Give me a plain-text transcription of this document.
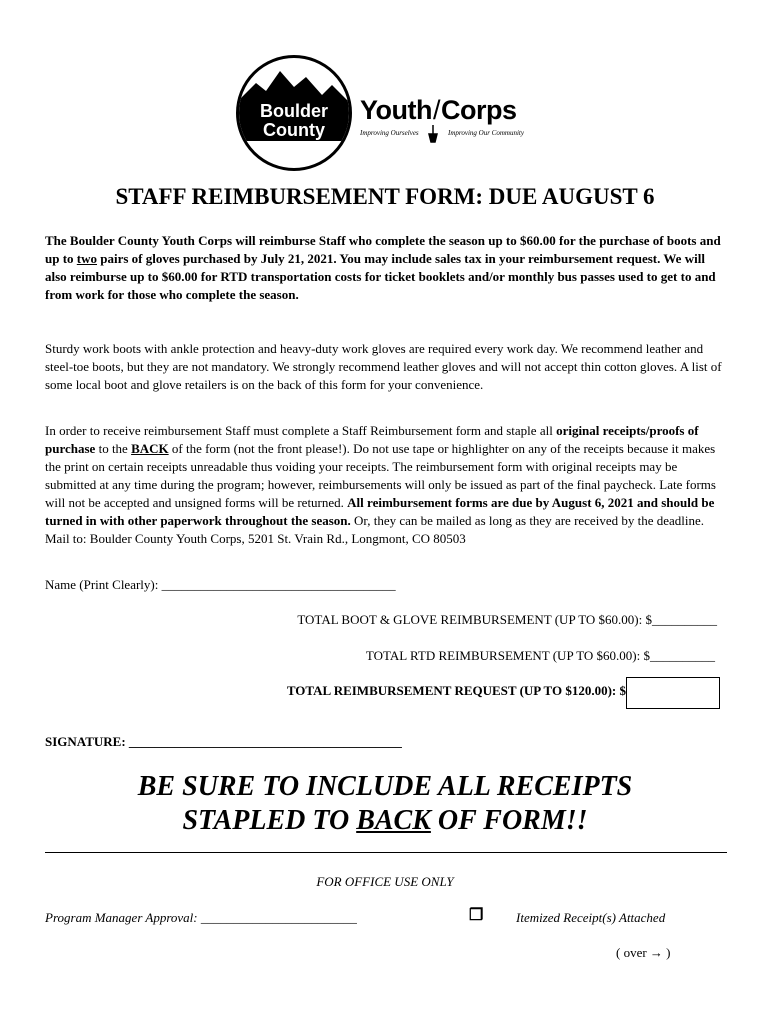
Boulder
County
Youth/Corps
Improving Ourselves	Improving Our Community
STAFF REIMBURSEMENT FORM: DUE AUGUST 6
The Boulder County Youth Corps will reimburse Staff who complete the season up to $60.00 for the purchase of boots and up to two pairs of gloves purchased by July 21, 2021. You may include sales tax in your reimbursement request. We will also reimburse up to $60.00 for RTD transportation costs for ticket booklets and/or monthly bus passes used to get to and from work for those who complete the season.
Sturdy work boots with ankle protection and heavy-duty work gloves are required every work day. We recommend leather and steel-toe boots, but they are not mandatory. We strongly recommend leather gloves and will not accept thin cotton gloves. A list of some local boot and glove retailers is on the back of this form for your convenience.
In order to receive reimbursement Staff must complete a Staff Reimbursement form and staple all original receipts/proofs of purchase to the BACK of the form (not the front please!). Do not use tape or highlighter on any of the receipts because it makes the print on certain receipts unreadable thus voiding your receipts. The reimbursement form with original receipts may be submitted at any time during the program; however, reimbursements will only be issued as part of the final paycheck. Late forms will not be accepted and unsigned forms will be returned. All reimbursement forms are due by August 6, 2021 and should be turned in with other paperwork throughout the season. Or, they can be mailed as long as they are received by the deadline.
Mail to: Boulder County Youth Corps, 5201 St. Vrain Rd., Longmont, CO 80503
Name (Print Clearly): ____________________________________
TOTAL BOOT & GLOVE REIMBURSEMENT (UP TO $60.00): $__________
TOTAL RTD REIMBURSEMENT (UP TO $60.00): $__________
TOTAL REIMBURSEMENT REQUEST (UP TO $120.00): $
SIGNATURE: __________________________________________
BE SURE TO INCLUDE ALL RECEIPTS
STAPLED TO BACK OF FORM!!
FOR OFFICE USE ONLY
Program Manager Approval: ________________________	❒	Itemized Receipt(s) Attached
( over → )
